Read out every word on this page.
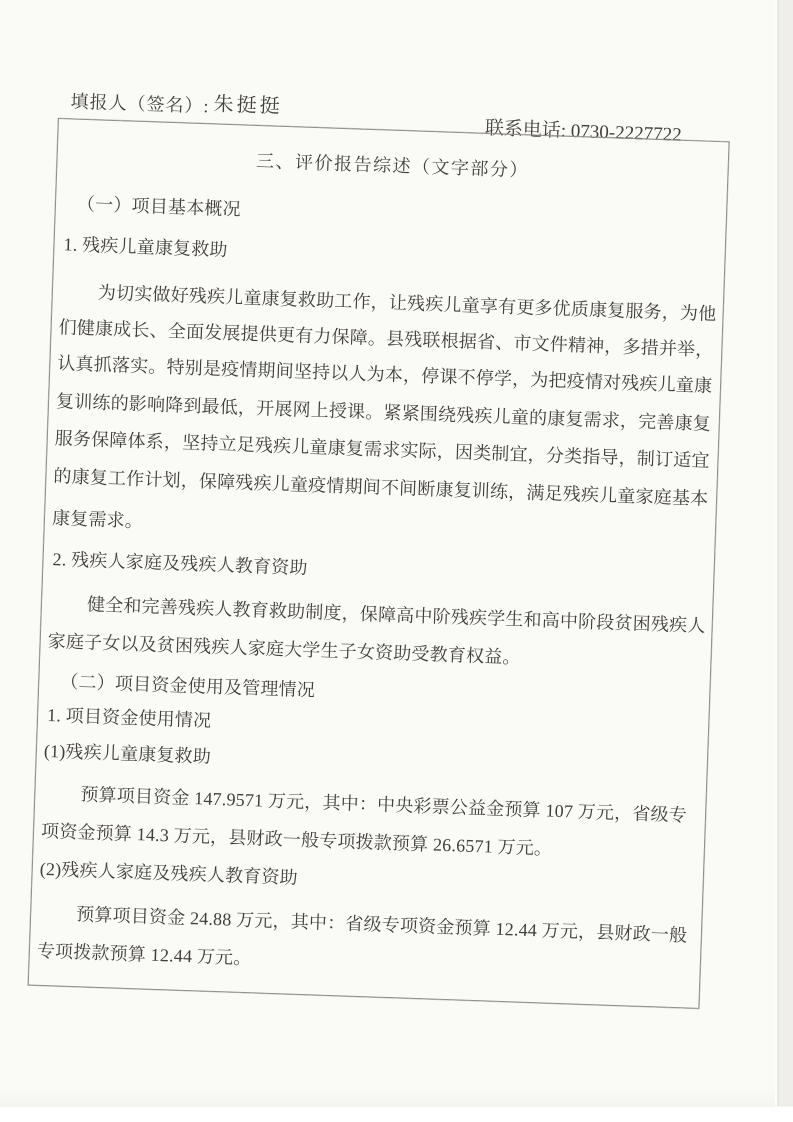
填报人（签名）: 朱挺挺
联系电话: 0730-2227722
三、评价报告综述（文字部分）
（一）项目基本概况
1. 残疾儿童康复救助
为切实做好残疾儿童康复救助工作，让残疾儿童享有更多优质康复服务，为他
们健康成长、全面发展提供更有力保障。县残联根据省、市文件精神，多措并举，
认真抓落实。特别是疫情期间坚持以人为本，停课不停学，为把疫情对残疾儿童康
复训练的影响降到最低，开展网上授课。紧紧围绕残疾儿童的康复需求，完善康复
服务保障体系，坚持立足残疾儿童康复需求实际，因类制宜，分类指导，制订适宜
的康复工作计划，保障残疾儿童疫情期间不间断康复训练，满足残疾儿童家庭基本
康复需求。
2. 残疾人家庭及残疾人教育资助
健全和完善残疾人教育救助制度，保障高中阶残疾学生和高中阶段贫困残疾人
家庭子女以及贫困残疾人家庭大学生子女资助受教育权益。
（二）项目资金使用及管理情况
1. 项目资金使用情况
(1)残疾儿童康复救助
预算项目资金 147.9571 万元，其中：中央彩票公益金预算 107 万元，省级专
项资金预算 14.3 万元，县财政一般专项拨款预算 26.6571 万元。
(2)残疾人家庭及残疾人教育资助
预算项目资金 24.88 万元，其中：省级专项资金预算 12.44 万元，县财政一般
专项拨款预算 12.44 万元。
